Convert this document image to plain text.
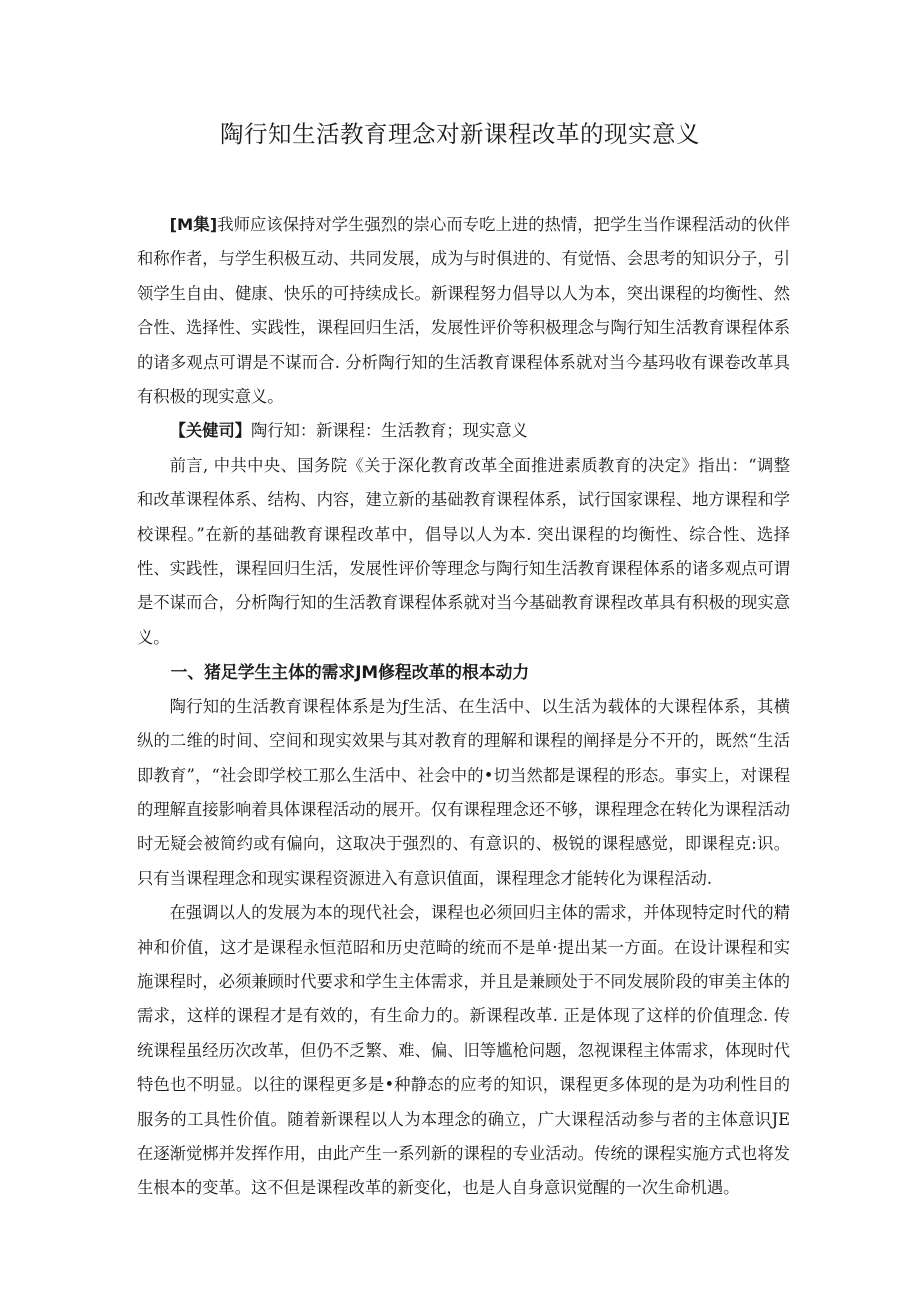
陶行知生活教育理念对新课程改革的现实意义

[M集]我师应该保持对学生强烈的崇心而专吃上进的热情，把学生当作课程活动的伙伴和称作者，与学生积极互动、共同发展，成为与时俱进的、有觉悟、会思考的知识分子，引领学生自由、健康、快乐的可持续成长。新课程努力倡导以人为本，突出课程的均衡性、然合性、选择性、实践性，课程回归生活，发展性评价等积极理念与陶行知生活教育课程体系的诸多观点可谓是不谋而合. 分析陶行知的生活教育课程体系就对当今基玛收有课卷改革具有积极的现实意义。

【关健司】陶行知：新课程：生活教育；现实意义

前言, 中共中央、国务院《关于深化教育改革全面推进素质教育的决定》指出：“调整和改革课程体系、结构、内容，建立新的基础教育课程体系，试行国家课程、地方课程和学校课程。”在新的基础教育课程改革中，倡导以人为本. 突出课程的均衡性、综合性、选择性、实践性，课程回归生活，发展性评价等理念与陶行知生活教育课程体系的诸多观点可谓是不谋而合，分析陶行知的生活教育课程体系就对当今基础教育课程改革具有积极的现实意义。

一、猪足学生主体的需求JM修程改革的根本动力

陶行知的生活教育课程体系是为ƒ生活、在生活中、以生活为载体的大课程体系，其横纵的二维的时间、空间和现实效果与其对教育的理解和课程的阐择是分不开的，既然“生活即教育”，“社会即学校工那么生活中、社会中的•切当然都是课程的形态。事实上，对课程的理解直接影响着具体课程活动的展开。仅有课程理念还不够，课程理念在转化为课程活动时无疑会被简约或有偏向，这取决于强烈的、有意识的、极锐的课程感觉，即课程克:识。只有当课程理念和现实课程资源进入有意识值面，课程理念才能转化为课程活动.

在强调以人的发展为本的现代社会，课程也必须回归主体的需求，并体现特定时代的精神和价值，这才是课程永恒范昭和历史范畸的统而不是单·提出某一方面。在设计课程和实施课程时，必须兼顾时代要求和学生主体需求，并且是兼顾处于不同发展阶段的审美主体的需求，这样的课程才是有效的，有生命力的。新课程改革. 正是体现了这样的价值理念. 传统课程虽经历次改革，但仍不乏繁、难、偏、旧等尴枪问题，忽视课程主体需求，体现时代特色也不明显。以往的课程更多是•种静态的应考的知识，课程更多体现的是为功利性目的服务的工具性价值。随着新课程以人为本理念的确立，广大课程活动参与者的主体意识JE在逐渐觉梆并发挥作用，由此产生一系列新的课程的专业活动。传统的课程实施方式也将发生根本的变革。这不但是课程改革的新变化，也是人自身意识觉醒的一次生命机遇。
